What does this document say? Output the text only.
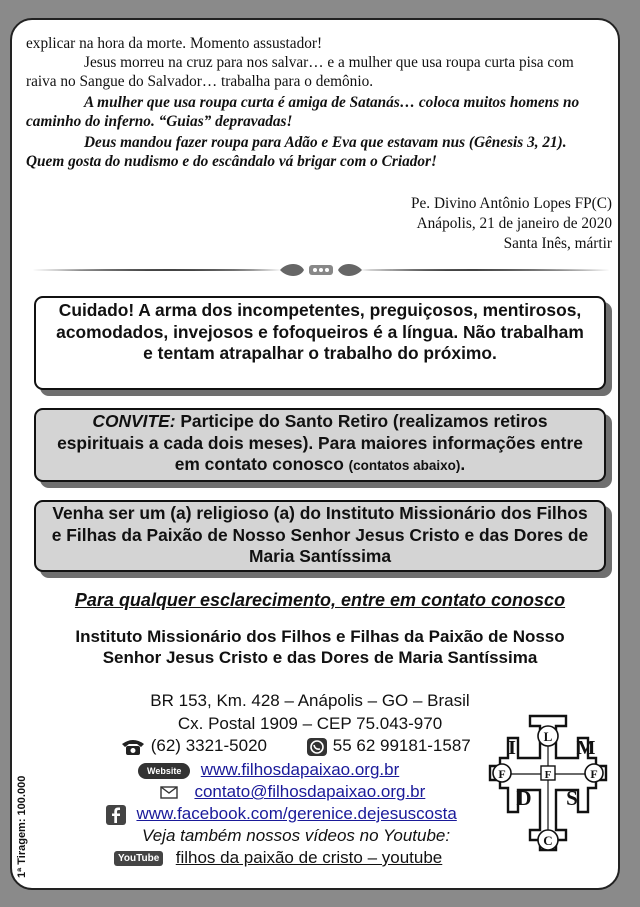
explicar na hora da morte. Momento assustador!
Jesus morreu na cruz para nos salvar… e a mulher que usa roupa curta pisa com raiva no Sangue do Salvador… trabalha para o demônio.
A mulher que usa roupa curta é amiga de Satanás… coloca muitos homens no caminho do inferno. “Guias” depravadas!
Deus mandou fazer roupa para Adão e Eva que estavam nus (Gênesis 3, 21). Quem gosta do nudismo e do escândalo vá brigar com o Criador!
Pe. Divino Antônio Lopes FP(C)
Anápolis, 21 de janeiro de 2020
Santa Inês, mártir
Cuidado! A arma dos incompetentes, preguiçosos, mentirosos, acomodados, invejosos e fofoqueiros é a língua. Não trabalham e tentam atrapalhar o trabalho do próximo.
CONVITE: Participe do Santo Retiro (realizamos retiros espirituais a cada dois meses). Para maiores informações entre em contato conosco (contatos abaixo).
Venha ser um (a) religioso (a) do Instituto Missionário dos Filhos e Filhas da Paixão de Nosso Senhor Jesus Cristo e das Dores de Maria Santíssima
Para qualquer esclarecimento, entre em contato conosco
Instituto Missionário dos Filhos e Filhas da Paixão de Nosso Senhor Jesus Cristo e das Dores de Maria Santíssima
BR 153, Km. 428 – Anápolis – GO – Brasil
Cx. Postal 1909 – CEP 75.043-970
(62) 3321-5020	55 62 99181-1587
Website www.filhosdapaixao.org.br
contato@filhosdapaixao.org.br
www.facebook.com/gerenice.dejesuscosta
Veja também nossos vídeos no Youtube:
YouTube filhos da paixão de cristo – youtube
L
I	M
F	F	F
D S
C
1ª Tiragem: 100.000
